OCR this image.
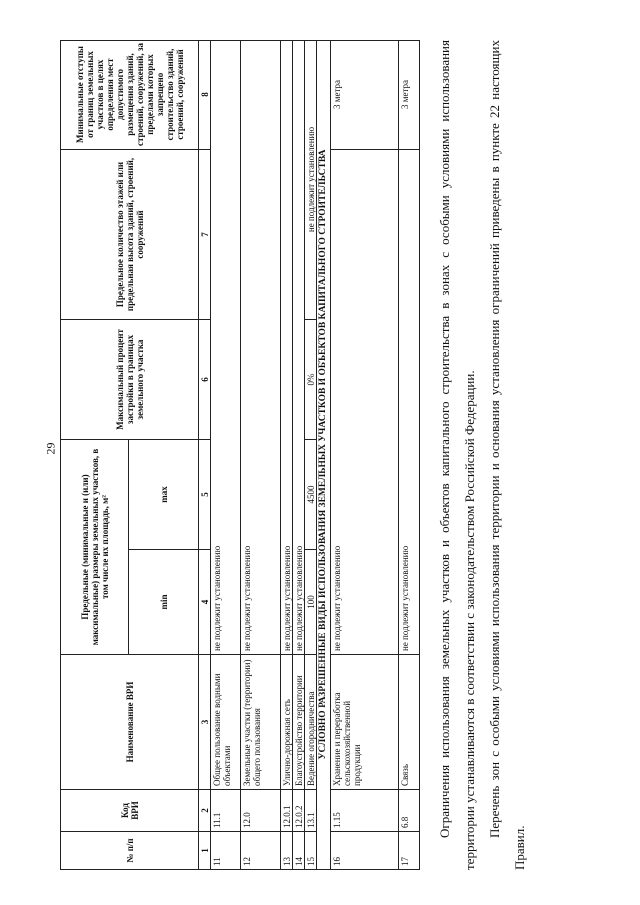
29
№ п/п
Код ВРИ
Наименование ВРИ
Предельные (минимальные и (или) максимальные) размеры земельных участков, в том числе их площадь, м²
min
max
Максимальный процент застройки в границах земельного участка
Предельное количество этажей или предельная высота зданий, строений, сооружений
Минимальные отступы от границ земельных участков в целях определения мест допустимого размещения зданий, строений, сооружений, за пределами которых запрещено строительство зданий, строений, сооружений
1
2
3
4
5
6
7
8
11
11.1
Общее пользование водными объектами
не подлежит установлению
12
12.0
Земельные участки (территории) общего пользования
не подлежит установлению
13
12.0.1
Улично-дорожная сеть
не подлежит установлению
14
12.0.2
Благоустройство территории
не подлежит установлению
15
13.1
Ведение огородничества
100
4500
0%
не подлежит установлению УСЛОВНО РАЗРЕШЕННЫЕ ВИДЫ ИСПОЛЬЗОВАНИЯ ЗЕМЕЛЬНЫХ УЧАСТКОВ И ОБЪЕКТОВ КАПИТАЛЬНОГО СТРОИТЕЛЬСТВА
16
1.15
Хранение и переработка сельскохозяйственной продукции
не подлежит установлению
3 метра
17
6.8
Связь
не подлежит установлению
3 метра	Ограничения использования земельных участков и объектов капитального строительства в зонах с особыми условиями использования территории устанавливаются в соответствии с законодательством Российской Федерации. Перечень зон с особыми условиями использования территории и основания установления ограничений приведены в пункте 22 настоящих Правил.
